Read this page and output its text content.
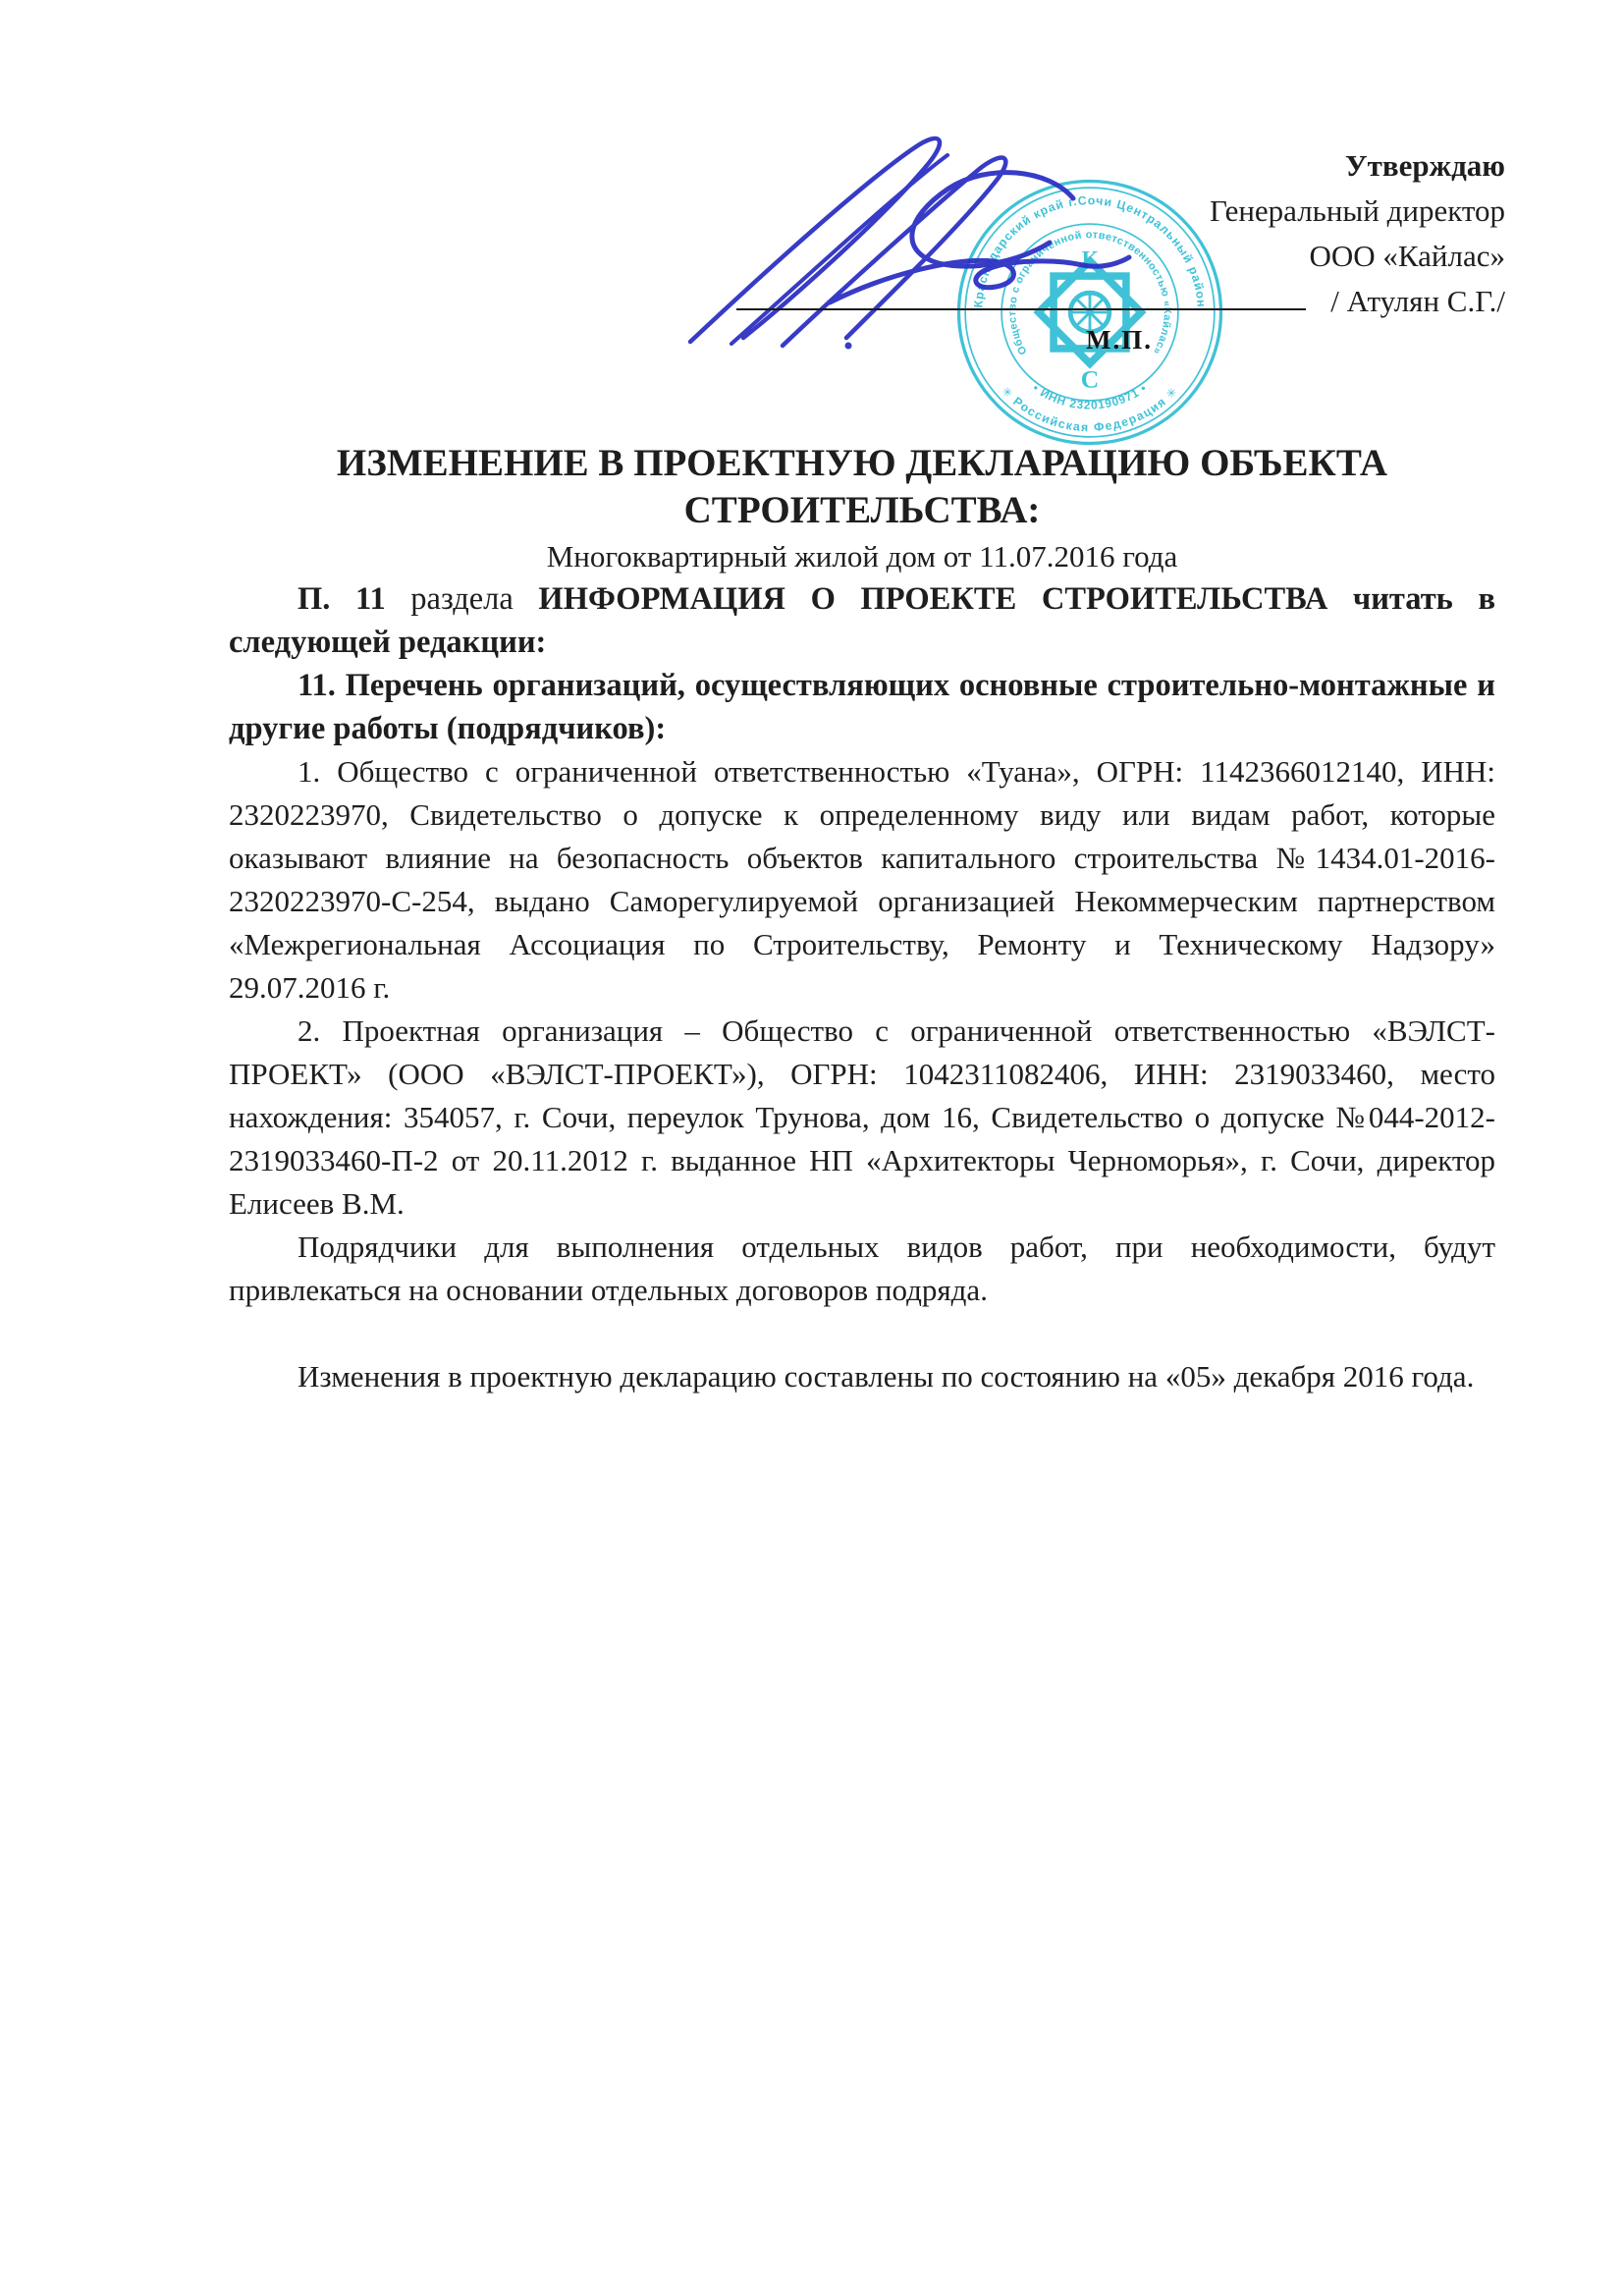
Краснодарский край г.Сочи Центральный район
✳ Российская Федерация ✳
Общество с ограниченной ответственностью «Кайлас»
• ИНН 2320190971 •
К
С
Утверждаю
Генеральный директор
ООО «Кайлас»
/ Атулян С.Г./
М.П.
ИЗМЕНЕНИЕ В ПРОЕКТНУЮ ДЕКЛАРАЦИЮ ОБЪЕКТА СТРОИТЕЛЬСТВА:
Многоквартирный жилой дом от 11.07.2016 года

П. 11 раздела ИНФОРМАЦИЯ О ПРОЕКТЕ СТРОИТЕЛЬСТВА читать в
следующей редакции:

11. Перечень организаций, осуществляющих основные строительно-монтажные и другие работы (подрядчиков):

1. Общество с ограниченной ответственностью «Туана», ОГРН: 1142366012140, ИНН: 2320223970, Свидетельство о допуске к определенному виду или видам работ, которые оказывают влияние на безопасность объектов капитального строительства №1434.01-2016-2320223970-С-254, выдано Саморегулируемой организацией Некоммерческим партнерством «Межрегиональная Ассоциация по Строительству, Ремонту и Техническому Надзору» 29.07.2016 г.

2. Проектная организация – Общество с ограниченной ответственностью «ВЭЛСТ-ПРОЕКТ» (ООО «ВЭЛСТ-ПРОЕКТ»), ОГРН: 1042311082406, ИНН: 2319033460, место нахождения: 354057, г. Сочи, переулок Трунова, дом 16, Свидетельство о допуске №044-2012-2319033460-П-2 от 20.11.2012 г. выданное НП «Архитекторы Черноморья», г. Сочи, директор Елисеев В.М.

Подрядчики для выполнения отдельных видов работ, при необходимости, будут привлекаться на основании отдельных договоров подряда.

Изменения в проектную декларацию составлены по состоянию на «05» декабря 2016 года.
